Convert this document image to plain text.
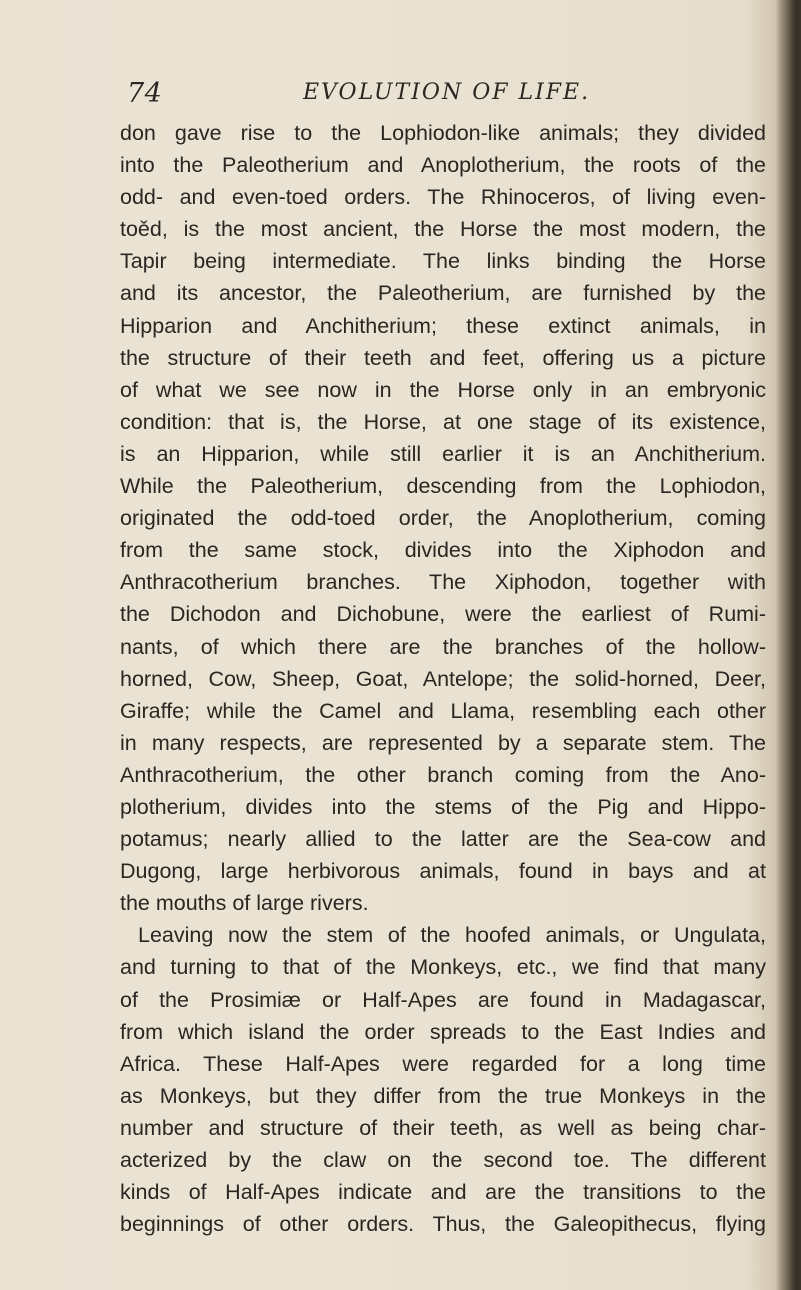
74	EVOLUTION OF LIFE.
don gave rise to the Lophiodon-like animals; they divided
into the Paleotherium and Anoplotherium, the roots of the
odd- and even-toed orders. The Rhinoceros, of living even-
toěd, is the most ancient, the Horse the most modern, the
Tapir being intermediate. The links binding the Horse
and its ancestor, the Paleotherium, are furnished by the
Hipparion and Anchitherium; these extinct animals, in
the structure of their teeth and feet, offering us a picture
of what we see now in the Horse only in an embryonic
condition: that is, the Horse, at one stage of its existence,
is an Hipparion, while still earlier it is an Anchitherium.
While the Paleotherium, descending from the Lophiodon,
originated the odd-toed order, the Anoplotherium, coming
from the same stock, divides into the Xiphodon and
Anthracotherium branches. The Xiphodon, together with
the Dichodon and Dichobune, were the earliest of Rumi-
nants, of which there are the branches of the hollow-
horned, Cow, Sheep, Goat, Antelope; the solid-horned, Deer,
Giraffe; while the Camel and Llama, resembling each other
in many respects, are represented by a separate stem. The
Anthracotherium, the other branch coming from the Ano-
plotherium, divides into the stems of the Pig and Hippo-
potamus; nearly allied to the latter are the Sea-cow and
Dugong, large herbivorous animals, found in bays and at
the mouths of large rivers.
Leaving now the stem of the hoofed animals, or Ungulata,
and turning to that of the Monkeys, etc., we find that many
of the Prosimiæ or Half-Apes are found in Madagascar,
from which island the order spreads to the East Indies and
Africa. These Half-Apes were regarded for a long time
as Monkeys, but they differ from the true Monkeys in the
number and structure of their teeth, as well as being char-
acterized by the claw on the second toe. The different
kinds of Half-Apes indicate and are the transitions to the
beginnings of other orders. Thus, the Galeopithecus, flying
